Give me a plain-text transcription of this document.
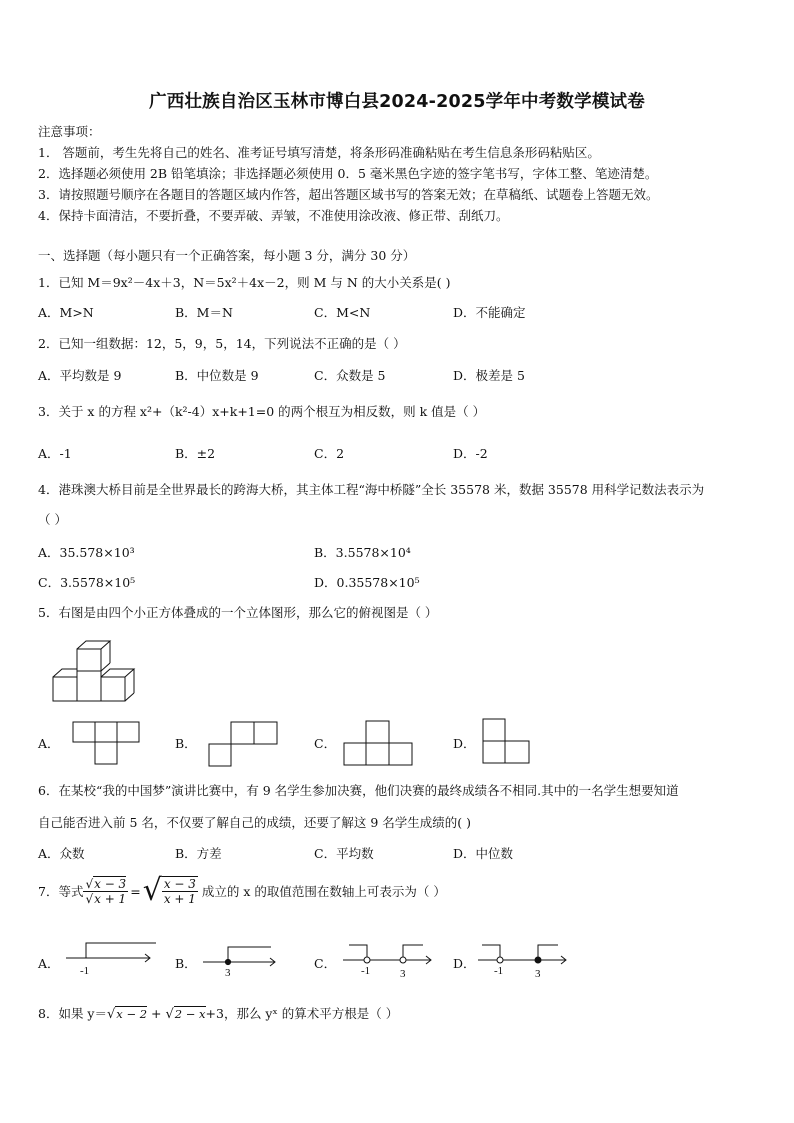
广西壮族自治区玉林市博白县2024-2025学年中考数学模试卷
注意事项：
1． 答题前，考生先将自己的姓名、准考证号填写清楚，将条形码准确粘贴在考生信息条形码粘贴区。
2．选择题必须使用 2B 铅笔填涂；非选择题必须使用 0．5 毫米黑色字迹的签字笔书写，字体工整、笔迹清楚。
3．请按照题号顺序在各题目的答题区域内作答，超出答题区域书写的答案无效；在草稿纸、试题卷上答题无效。
4．保持卡面清洁，不要折叠，不要弄破、弄皱，不准使用涂改液、修正带、刮纸刀。
一、选择题（每小题只有一个正确答案，每小题 3 分，满分 30 分）
1．已知 M＝9x²－4x＋3，N＝5x²＋4x－2，则 M 与 N 的大小关系是( )
A．M>N	B．M＝N	C．M<N	D．不能确定
2．已知一组数据：12，5，9，5，14，下列说法不正确的是（ ）
A．平均数是 9	B．中位数是 9	C．众数是 5	D．极差是 5
3．关于 x 的方程 x²+（k²-4）x+k+1=0 的两个根互为相反数，则 k 值是（ ）
A．-1	B．±2	C．2	D．-2
4．港珠澳大桥目前是全世界最长的跨海大桥，其主体工程“海中桥隧”全长 35578 米，数据 35578 用科学记数法表示为
（ ）
A．35.578×10³	B．3.5578×10⁴
C．3.5578×10⁵	D．0.35578×10⁵
5．右图是由四个小正方体叠成的一个立体图形，那么它的俯视图是（ ）
A．	B．	C．	D．
6．在某校“我的中国梦”演讲比赛中，有 9 名学生参加决赛，他们决赛的最终成绩各不相同.其中的一名学生想要知道
自己能否进入前 5 名，不仅要了解自己的成绩，还要了解这 9 名学生成绩的( )
A．众数	B．方差	C．平均数	D．中位数
7．等式 $\frac{√x - 3}{√x + 1}$ = √ $\frac{x - 3}{x + 1}$ 成立的 x 的取值范围在数轴上可表示为（ ）
A． -1	B．
3
C． -1	3
D． -1	3
8．如果 y＝√x − 2 + √2 − x+3，那么 yˣ 的算术平方根是（ ）
